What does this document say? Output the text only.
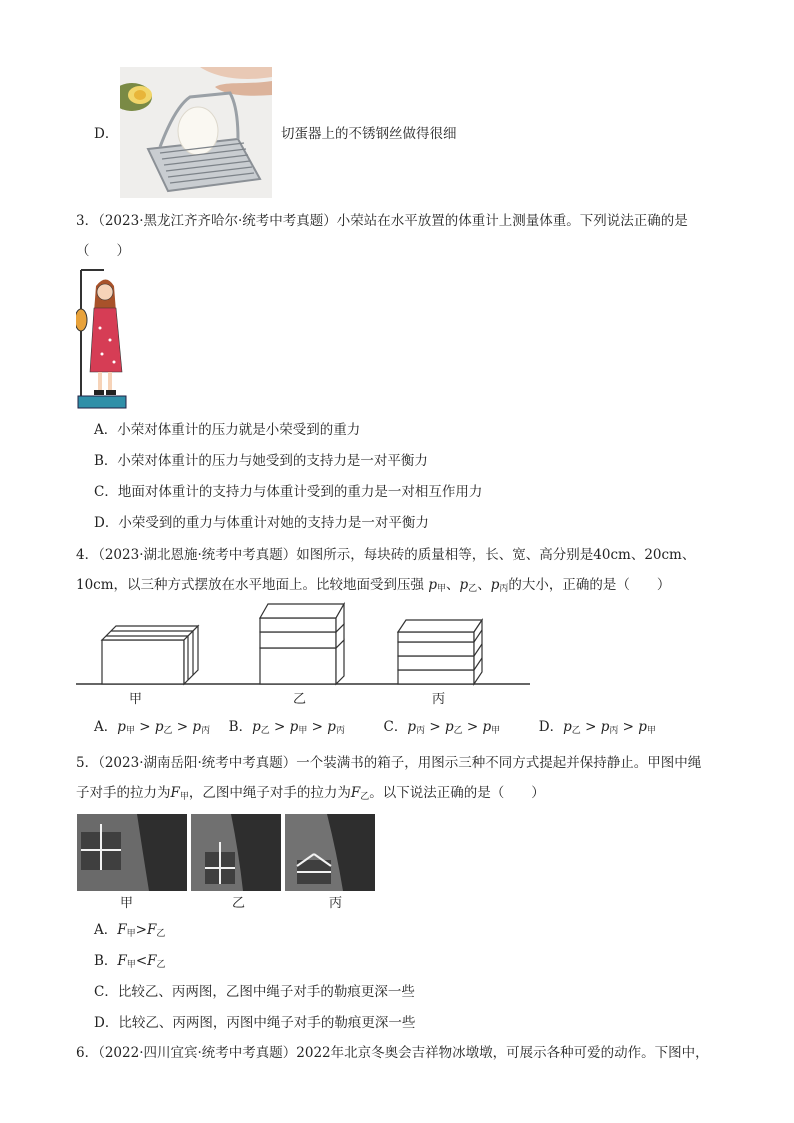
D．	切蛋器上的不锈钢丝做得很细
3．（2023·黑龙江齐齐哈尔·统考中考真题）小荣站在水平放置的体重计上测量体重。下列说法正确的是
（　　）
A．小荣对体重计的压力就是小荣受到的重力
B．小荣对体重计的压力与她受到的支持力是一对平衡力
C．地面对体重计的支持力与体重计受到的重力是一对相互作用力
D．小荣受到的重力与体重计对她的支持力是一对平衡力
4．（2023·湖北恩施·统考中考真题）如图所示，每块砖的质量相等，长、宽、高分别是40cm、20cm、
10cm，以三种方式摆放在水平地面上。比较地面受到压强 $p_甲$、$p_乙$、$p_丙$的大小，正确的是（　　）
甲	乙	丙
A．$p_甲 > p_乙 > p_丙$ B．$p_乙 > p_甲 > p_丙$	C．$p_丙 > p_乙 > p_甲$	D．$p_乙 > p_丙 > p_甲$
5．（2023·湖南岳阳·统考中考真题）一个装满书的箱子，用图示三种不同方式提起并保持静止。甲图中绳
子对手的拉力为$F_甲$，乙图中绳子对手的拉力为$F_乙$。以下说法正确的是（　　）
甲	乙	丙
A．$F_甲>F_乙$
B．$F_甲<F_乙$
C．比较乙、丙两图，乙图中绳子对手的勒痕更深一些
D．比较乙、丙两图，丙图中绳子对手的勒痕更深一些
6．（2022·四川宜宾·统考中考真题）2022年北京冬奥会吉祥物冰墩墩，可展示各种可爱的动作。下图中，
